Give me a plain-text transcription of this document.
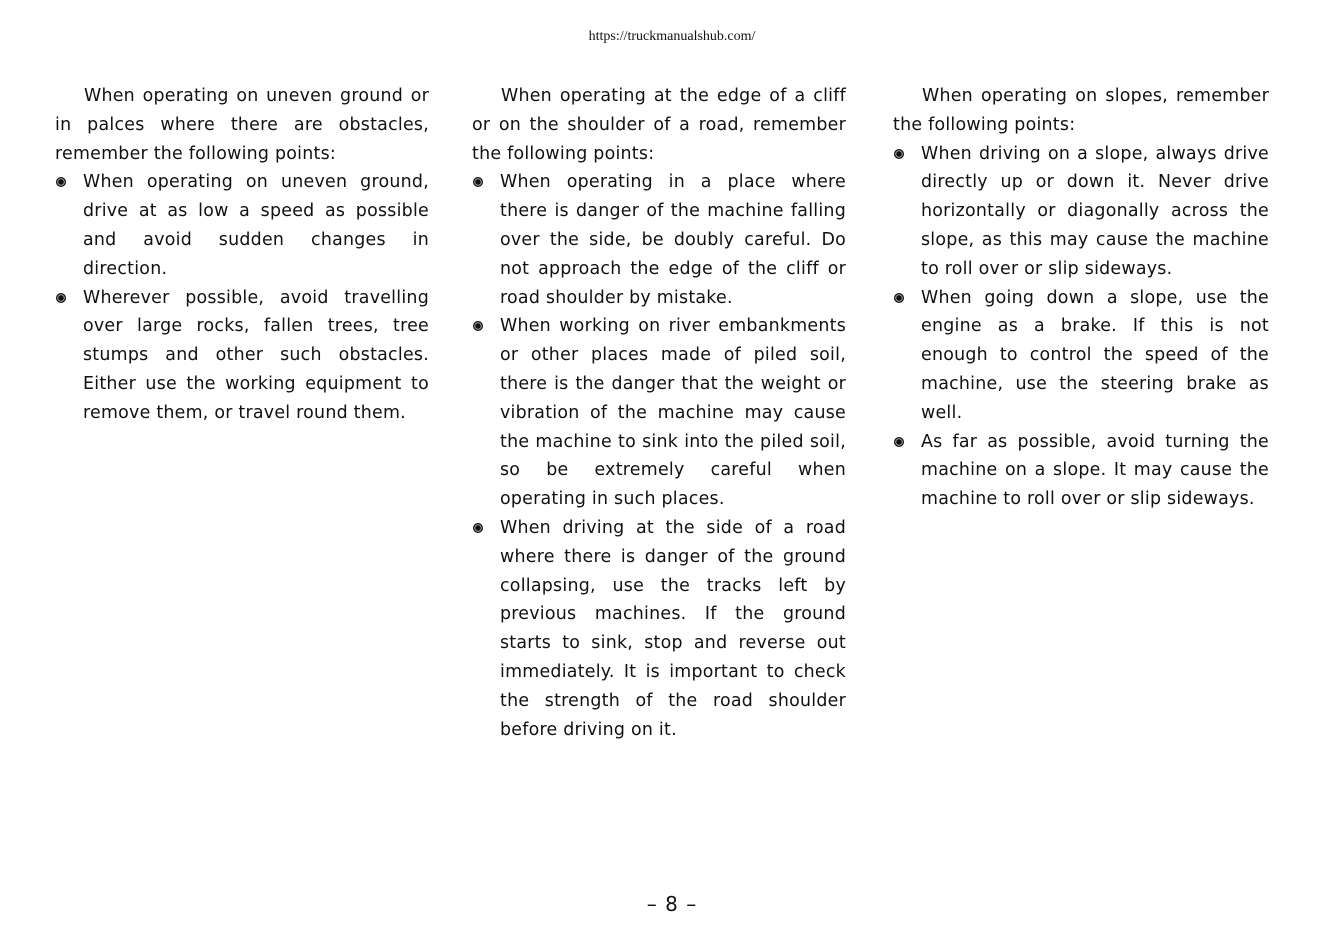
https://truckmanualshub.com/

When operating on uneven ground or in palces where there are obstacles, remember the following points:

When operating on uneven ground, drive at as low a speed as possible and avoid sudden changes in direction.
Wherever possible, avoid travelling over large rocks, fallen trees, tree stumps and other such obstacles. Either use the working equipment to remove them, or travel round them.

When operating at the edge of a cliff or on the shoulder of a road, remember the following points:

When operating in a place where there is danger of the machine falling over the side, be doubly careful. Do not approach the edge of the cliff or road shoulder by mistake.
When working on river embankments or other places made of piled soil, there is the danger that the weight or vibration of the machine may cause the machine to sink into the piled soil, so be extremely careful when operating in such places.
When driving at the side of a road where there is danger of the ground collapsing, use the tracks left by previous machines. If the ground starts to sink, stop and reverse out immediately. It is important to check the strength of the road shoulder before driving on it.

When operating on slopes, remember the following points:

When driving on a slope, always drive directly up or down it. Never drive horizontally or diagonally across the slope, as this may cause the machine to roll over or slip sideways.
When going down a slope, use the engine as a brake. If this is not enough to control the speed of the machine, use the steering brake as well.
As far as possible, avoid turning the machine on a slope. It may cause the machine to roll over or slip sideways.
– 8 –
